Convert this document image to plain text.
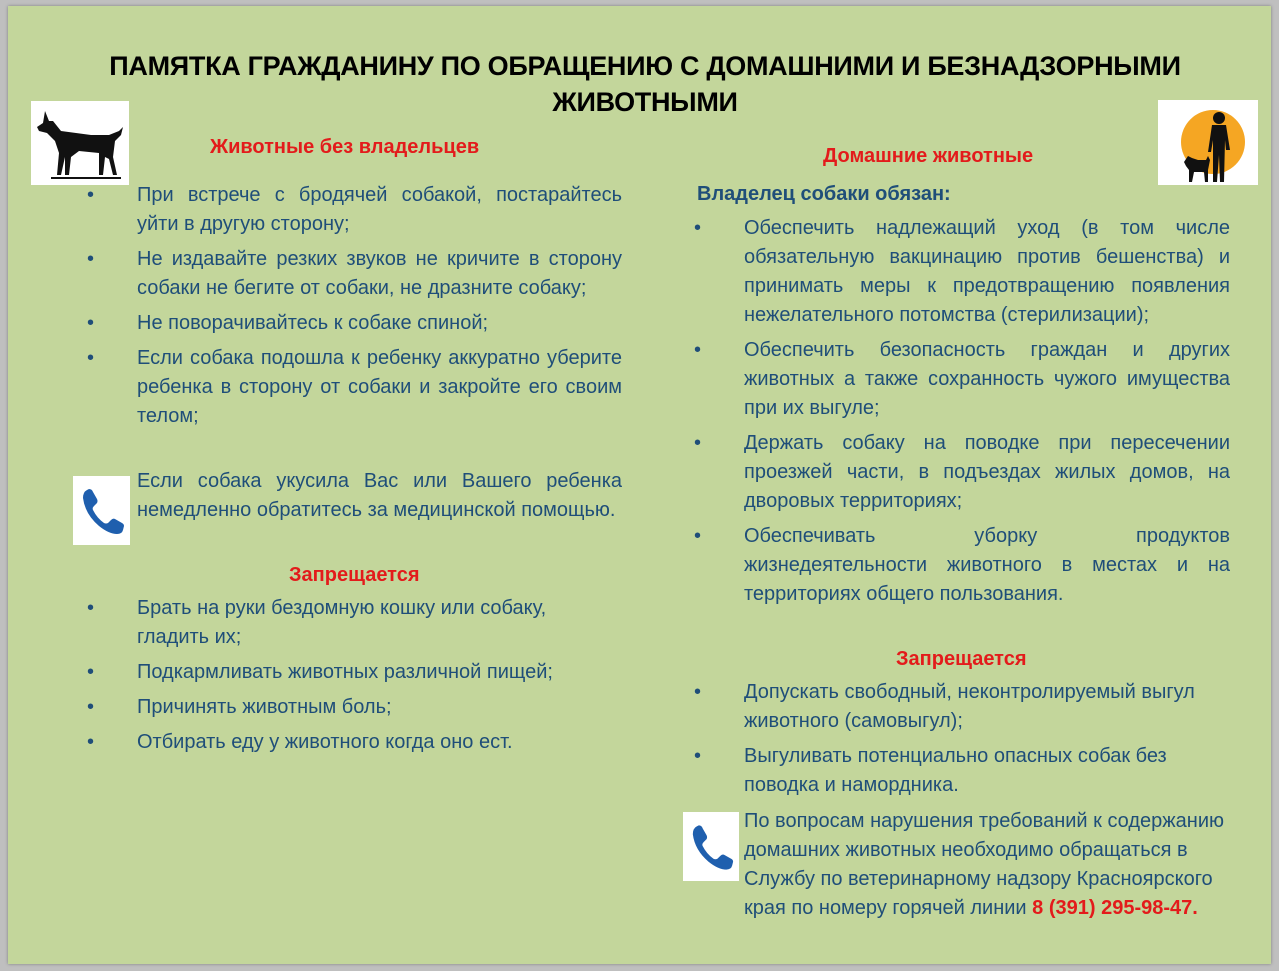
ПАМЯТКА ГРАЖДАНИНУ ПО ОБРАЩЕНИЮ С ДОМАШНИМИ И БЕЗНАДЗОРНЫМИ
ЖИВОТНЫМИ
Животные без владельцев
• При встрече с бродячей собакой, постарайтесь уйти в другую сторону;
• Не издавайте резких звуков не кричите в сторону собаки не бегите от собаки, не дразните собаку;
• Не поворачивайтесь к собаке спиной;
• Если собака подошла к ребенку аккуратно уберите ребенка в сторону от собаки и закройте его своим телом;
Если собака укусила Вас или Вашего ребенка немедленно обратитесь за медицинской помощью.
Запрещается
• Брать на руки бездомную кошку или собаку, гладить их;
• Подкармливать животных различной пищей;
• Причинять животным боль;
• Отбирать еду у животного когда оно ест.
Домашние животные
Владелец собаки обязан:
• Обеспечить надлежащий уход (в том числе обязательную вакцинацию против бешенства) и принимать меры к предотвращению появления нежелательного потомства (стерилизации);
• Обеспечить безопасность граждан и других животных а также сохранность чужого имущества при их выгуле;
• Держать собаку на поводке при пересечении проезжей части, в подъездах жилых домов, на дворовых территориях;
• Обеспечивать уборку продуктов жизнедеятельности животного в местах и на территориях общего пользования.
Запрещается
• Допускать свободный, неконтролируемый выгул животного (самовыгул);
• Выгуливать потенциально опасных собак без поводка и намордника.
По вопросам нарушения требований к содержанию домашних животных необходимо обращаться в Службу по ветеринарному надзору Красноярского края по номеру горячей линии 8 (391) 295-98-47.
